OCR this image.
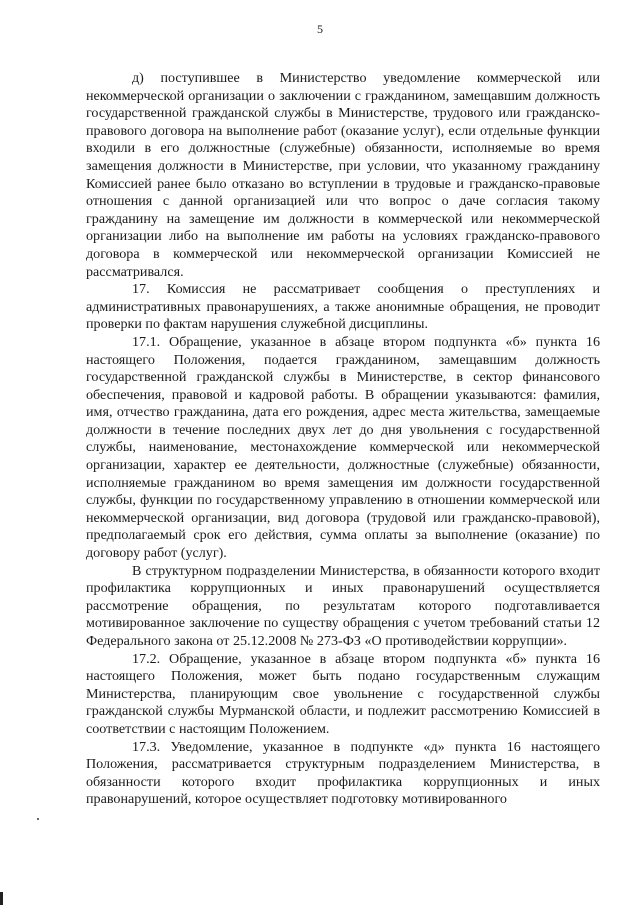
5

д) поступившее в Министерство уведомление коммерческой или некоммерческой организации о заключении с гражданином, замещавшим должность государственной гражданской службы в Министерстве, трудового или гражданско-правового договора на выполнение работ (оказание услуг), если отдельные функции входили в его должностные (служебные) обязанности, исполняемые во время замещения должности в Министерстве, при условии, что указанному гражданину Комиссией ранее было отказано во вступлении в трудовые и гражданско-правовые отношения с данной организацией или что вопрос о даче согласия такому гражданину на замещение им должности в коммерческой или некоммерческой организации либо на выполнение им работы на условиях гражданско-правового договора в коммерческой или некоммерческой организации Комиссией не рассматривался.

17. Комиссия не рассматривает сообщения о преступлениях и административных правонарушениях, а также анонимные обращения, не проводит проверки по фактам нарушения служебной дисциплины.

17.1. Обращение, указанное в абзаце втором подпункта «б» пункта 16 настоящего Положения, подается гражданином, замещавшим должность государственной гражданской службы в Министерстве, в сектор финансового обеспечения, правовой и кадровой работы. В обращении указываются: фамилия, имя, отчество гражданина, дата его рождения, адрес места жительства, замещаемые должности в течение последних двух лет до дня увольнения с государственной службы, наименование, местонахождение коммерческой или некоммерческой организации, характер ее деятельности, должностные (служебные) обязанности, исполняемые гражданином во время замещения им должности государственной службы, функции по государственному управлению в отношении коммерческой или некоммерческой организации, вид договора (трудовой или гражданско-правовой), предполагаемый срок его действия, сумма оплаты за выполнение (оказание) по договору работ (услуг).

В структурном подразделении Министерства, в обязанности которого входит профилактика коррупционных и иных правонарушений осуществляется рассмотрение обращения, по результатам которого подготавливается мотивированное заключение по существу обращения с учетом требований статьи 12 Федерального закона от 25.12.2008 № 273-ФЗ «О противодействии коррупции».

17.2. Обращение, указанное в абзаце втором подпункта «б» пункта 16 настоящего Положения, может быть подано государственным служащим Министерства, планирующим свое увольнение с государственной службы гражданской службы Мурманской области, и подлежит рассмотрению Комиссией в соответствии с настоящим Положением.

17.3. Уведомление, указанное в подпункте «д» пункта 16 настоящего Положения, рассматривается структурным подразделением Министерства, в обязанности которого входит профилактика коррупционных и иных правонарушений, которое осуществляет подготовку мотивированного
